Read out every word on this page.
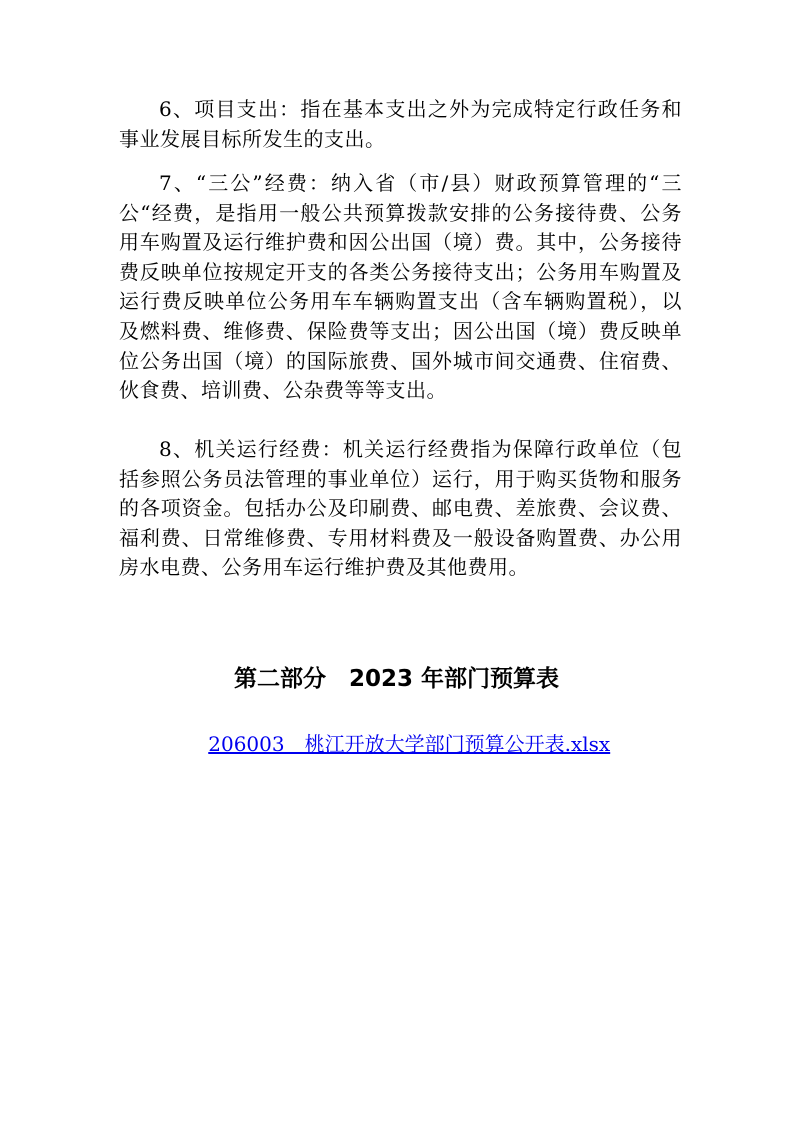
6、项目支出：指在基本支出之外为完成特定行政任务和事业发展目标所发生的支出。

7、“三公”经费：纳入省（市/县）财政预算管理的“三公“经费，是指用一般公共预算拨款安排的公务接待费、公务用车购置及运行维护费和因公出国（境）费。其中，公务接待费反映单位按规定开支的各类公务接待支出；公务用车购置及运行费反映单位公务用车车辆购置支出（含车辆购置税），以及燃料费、维修费、保险费等支出；因公出国（境）费反映单位公务出国（境）的国际旅费、国外城市间交通费、住宿费、伙食费、培训费、公杂费等等支出。

8、机关运行经费：机关运行经费指为保障行政单位（包括参照公务员法管理的事业单位）运行，用于购买货物和服务的各项资金。包括办公及印刷费、邮电费、差旅费、会议费、福利费、日常维修费、专用材料费及一般设备购置费、办公用房水电费、公务用车运行维护费及其他费用。

第二部分　2023 年部门预算表

206003　桃江开放大学部门预算公开表.xlsx
